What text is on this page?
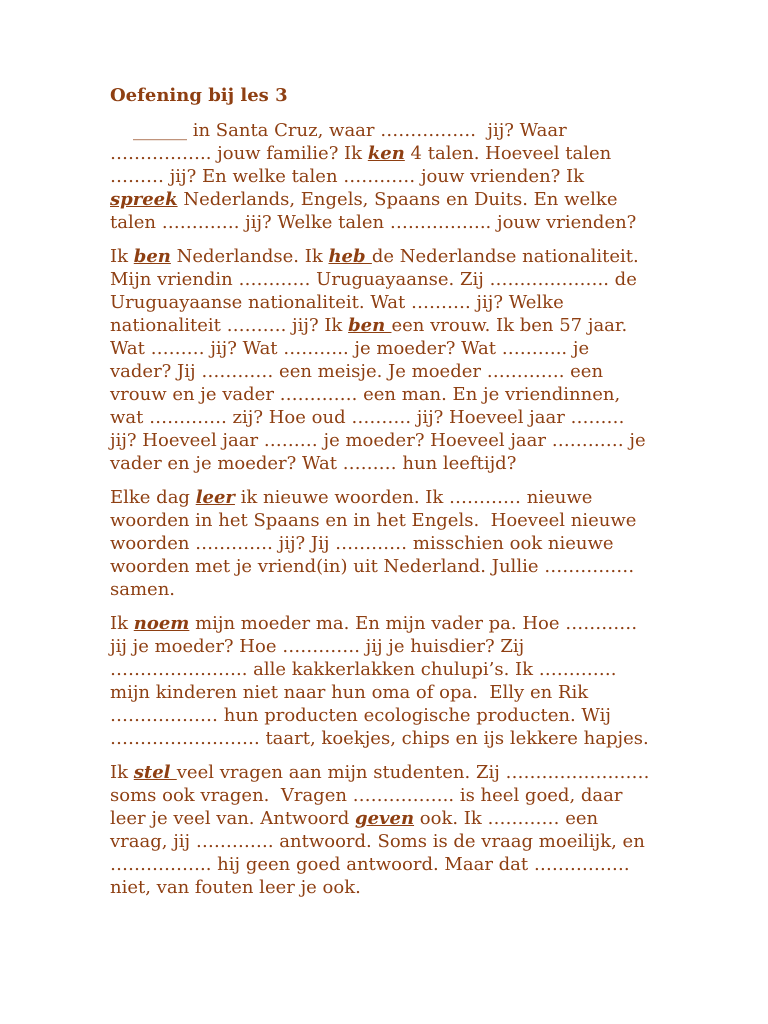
Oefening bij les 3
______ in Santa Cruz, waar …………….  jij? Waar
…………….. jouw familie? Ik ken 4 talen. Hoeveel talen
……… jij? En welke talen ………… jouw vrienden? Ik
spreek Nederlands, Engels, Spaans en Duits. En welke
talen …………. jij? Welke talen …………….. jouw vrienden?
Ik ben Nederlandse. Ik heb de Nederlandse nationaliteit.
Mijn vriendin ………… Uruguayaanse. Zij ……………….. de
Uruguayaanse nationaliteit. Wat ………. jij? Welke
nationaliteit ………. jij? Ik ben een vrouw. Ik ben 57 jaar.
Wat ……… jij? Wat ……….. je moeder? Wat ……….. je
vader? Jij ………… een meisje. Je moeder …………. een
vrouw en je vader …………. een man. En je vriendinnen,
wat …………. zij? Hoe oud ………. jij? Hoeveel jaar ………
jij? Hoeveel jaar ……… je moeder? Hoeveel jaar ………… je
vader en je moeder? Wat ……… hun leeftijd?
Elke dag leer ik nieuwe woorden. Ik ………… nieuwe
woorden in het Spaans en in het Engels.  Hoeveel nieuwe
woorden …………. jij? Jij ………… misschien ook nieuwe
woorden met je vriend(in) uit Nederland. Jullie ……………
samen.
Ik noem mijn moeder ma. En mijn vader pa. Hoe …………
jij je moeder? Hoe …………. jij je huisdier? Zij
………………….. alle kakkerlakken chulupi’s. Ik ………….
mijn kinderen niet naar hun oma of opa.  Elly en Rik
……………… hun producten ecologische producten. Wij
……………………. taart, koekjes, chips en ijs lekkere hapjes.
Ik stel veel vragen aan mijn studenten. Zij ……………………
soms ook vragen.  Vragen …………….. is heel goed, daar
leer je veel van. Antwoord geven ook. Ik ………… een
vraag, jij …………. antwoord. Soms is de vraag moeilijk, en
…………….. hij geen goed antwoord. Maar dat …………….
niet, van fouten leer je ook.
